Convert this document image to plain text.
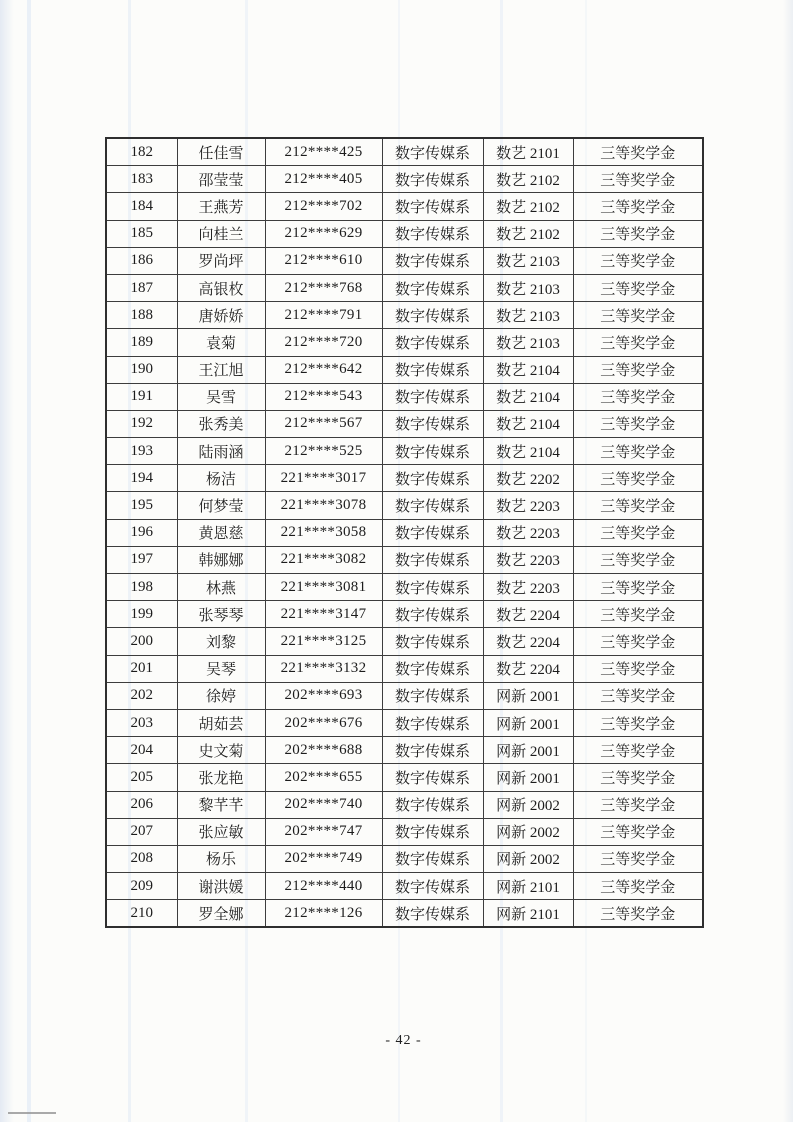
182	任佳雪	212****425	数字传媒系	数艺 2101	三等奖学金
183	邵莹莹	212****405	数字传媒系	数艺 2102	三等奖学金
184	王燕芳	212****702	数字传媒系	数艺 2102	三等奖学金
185	向桂兰	212****629	数字传媒系	数艺 2102	三等奖学金
186	罗尚坪	212****610	数字传媒系	数艺 2103	三等奖学金
187	高银枚	212****768	数字传媒系	数艺 2103	三等奖学金
188	唐娇娇	212****791	数字传媒系	数艺 2103	三等奖学金
189	袁菊	212****720	数字传媒系	数艺 2103	三等奖学金
190	王江旭	212****642	数字传媒系	数艺 2104	三等奖学金
191	吴雪	212****543	数字传媒系	数艺 2104	三等奖学金
192	张秀美	212****567	数字传媒系	数艺 2104	三等奖学金
193	陆雨涵	212****525	数字传媒系	数艺 2104	三等奖学金
194	杨洁	221****3017	数字传媒系	数艺 2202	三等奖学金
195	何梦莹	221****3078	数字传媒系	数艺 2203	三等奖学金
196	黄恩慈	221****3058	数字传媒系	数艺 2203	三等奖学金
197	韩娜娜	221****3082	数字传媒系	数艺 2203	三等奖学金
198	林燕	221****3081	数字传媒系	数艺 2203	三等奖学金
199	张琴琴	221****3147	数字传媒系	数艺 2204	三等奖学金
200	刘黎	221****3125	数字传媒系	数艺 2204	三等奖学金
201	吴琴	221****3132	数字传媒系	数艺 2204	三等奖学金
202	徐婷	202****693	数字传媒系	网新 2001	三等奖学金
203	胡茹芸	202****676	数字传媒系	网新 2001	三等奖学金
204	史文菊	202****688	数字传媒系	网新 2001	三等奖学金
205	张龙艳	202****655	数字传媒系	网新 2001	三等奖学金
206	黎芊芊	202****740	数字传媒系	网新 2002	三等奖学金
207	张应敏	202****747	数字传媒系	网新 2002	三等奖学金
208	杨乐	202****749	数字传媒系	网新 2002	三等奖学金
209	谢洪媛	212****440	数字传媒系	网新 2101	三等奖学金
210	罗全娜	212****126	数字传媒系	网新 2101	三等奖学金
- 42 -
